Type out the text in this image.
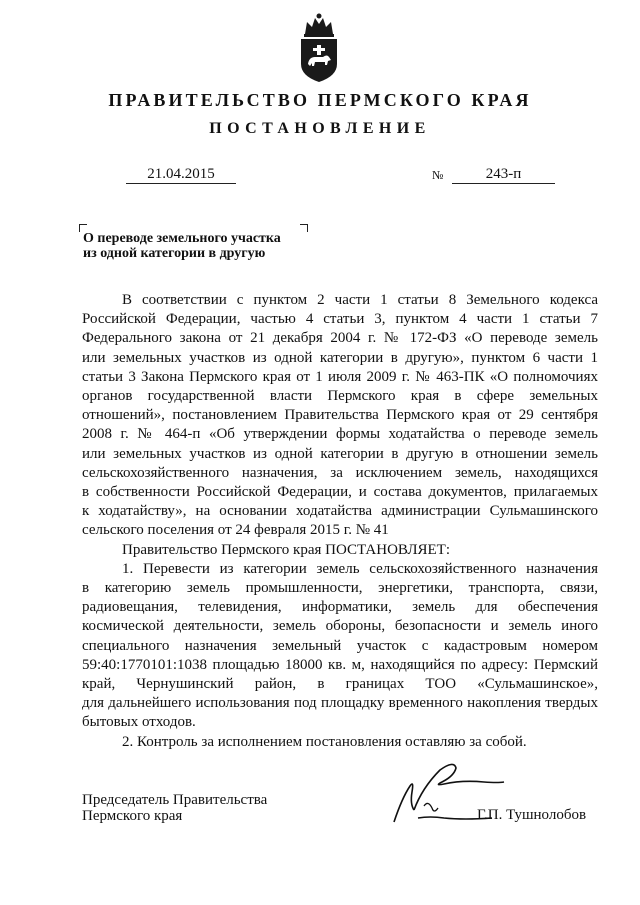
ПРАВИТЕЛЬСТВО ПЕРМСКОГО КРАЯ
ПОСТАНОВЛЕНИЕ
21.04.2015	№	243-п
О переводе земельного участка
из одной категории в другую
В соответствии с пунктом 2 части 1 статьи 8 Земельного кодекса
Российской Федерации, частью 4 статьи 3, пунктом 4 части 1 статьи 7
Федерального закона от 21 декабря 2004 г. № 172-ФЗ «О переводе земель
или земельных участков из одной категории в другую», пунктом 6 части 1
статьи 3 Закона Пермского края от 1 июля 2009 г. № 463-ПК «О полномочиях
органов государственной власти Пермского края в сфере земельных
отношений», постановлением Правительства Пермского края от 29 сентября
2008 г. № 464-п «Об утверждении формы ходатайства о переводе земель
или земельных участков из одной категории в другую в отношении земель
сельскохозяйственного назначения, за исключением земель, находящихся
в собственности Российской Федерации, и состава документов, прилагаемых
к ходатайству», на основании ходатайства администрации Сульмашинского
сельского поселения от 24 февраля 2015 г. № 41
Правительство Пермского края ПОСТАНОВЛЯЕТ:
1. Перевести из категории земель сельскохозяйственного назначения
в категорию земель промышленности, энергетики, транспорта, связи,
радиовещания, телевидения, информатики, земель для обеспечения
космической деятельности, земель обороны, безопасности и земель иного
специального назначения земельный участок с кадастровым номером
59:40:1770101:1038 площадью 18000 кв. м, находящийся по адресу: Пермский
край, Чернушинский район, в границах ТОО «Сульмашинское»,
для дальнейшего использования под площадку временного накопления твердых
бытовых отходов.
2. Контроль за исполнением постановления оставляю за собой.
Председатель Правительства
Пермского края	Г.П. Тушнолобов
